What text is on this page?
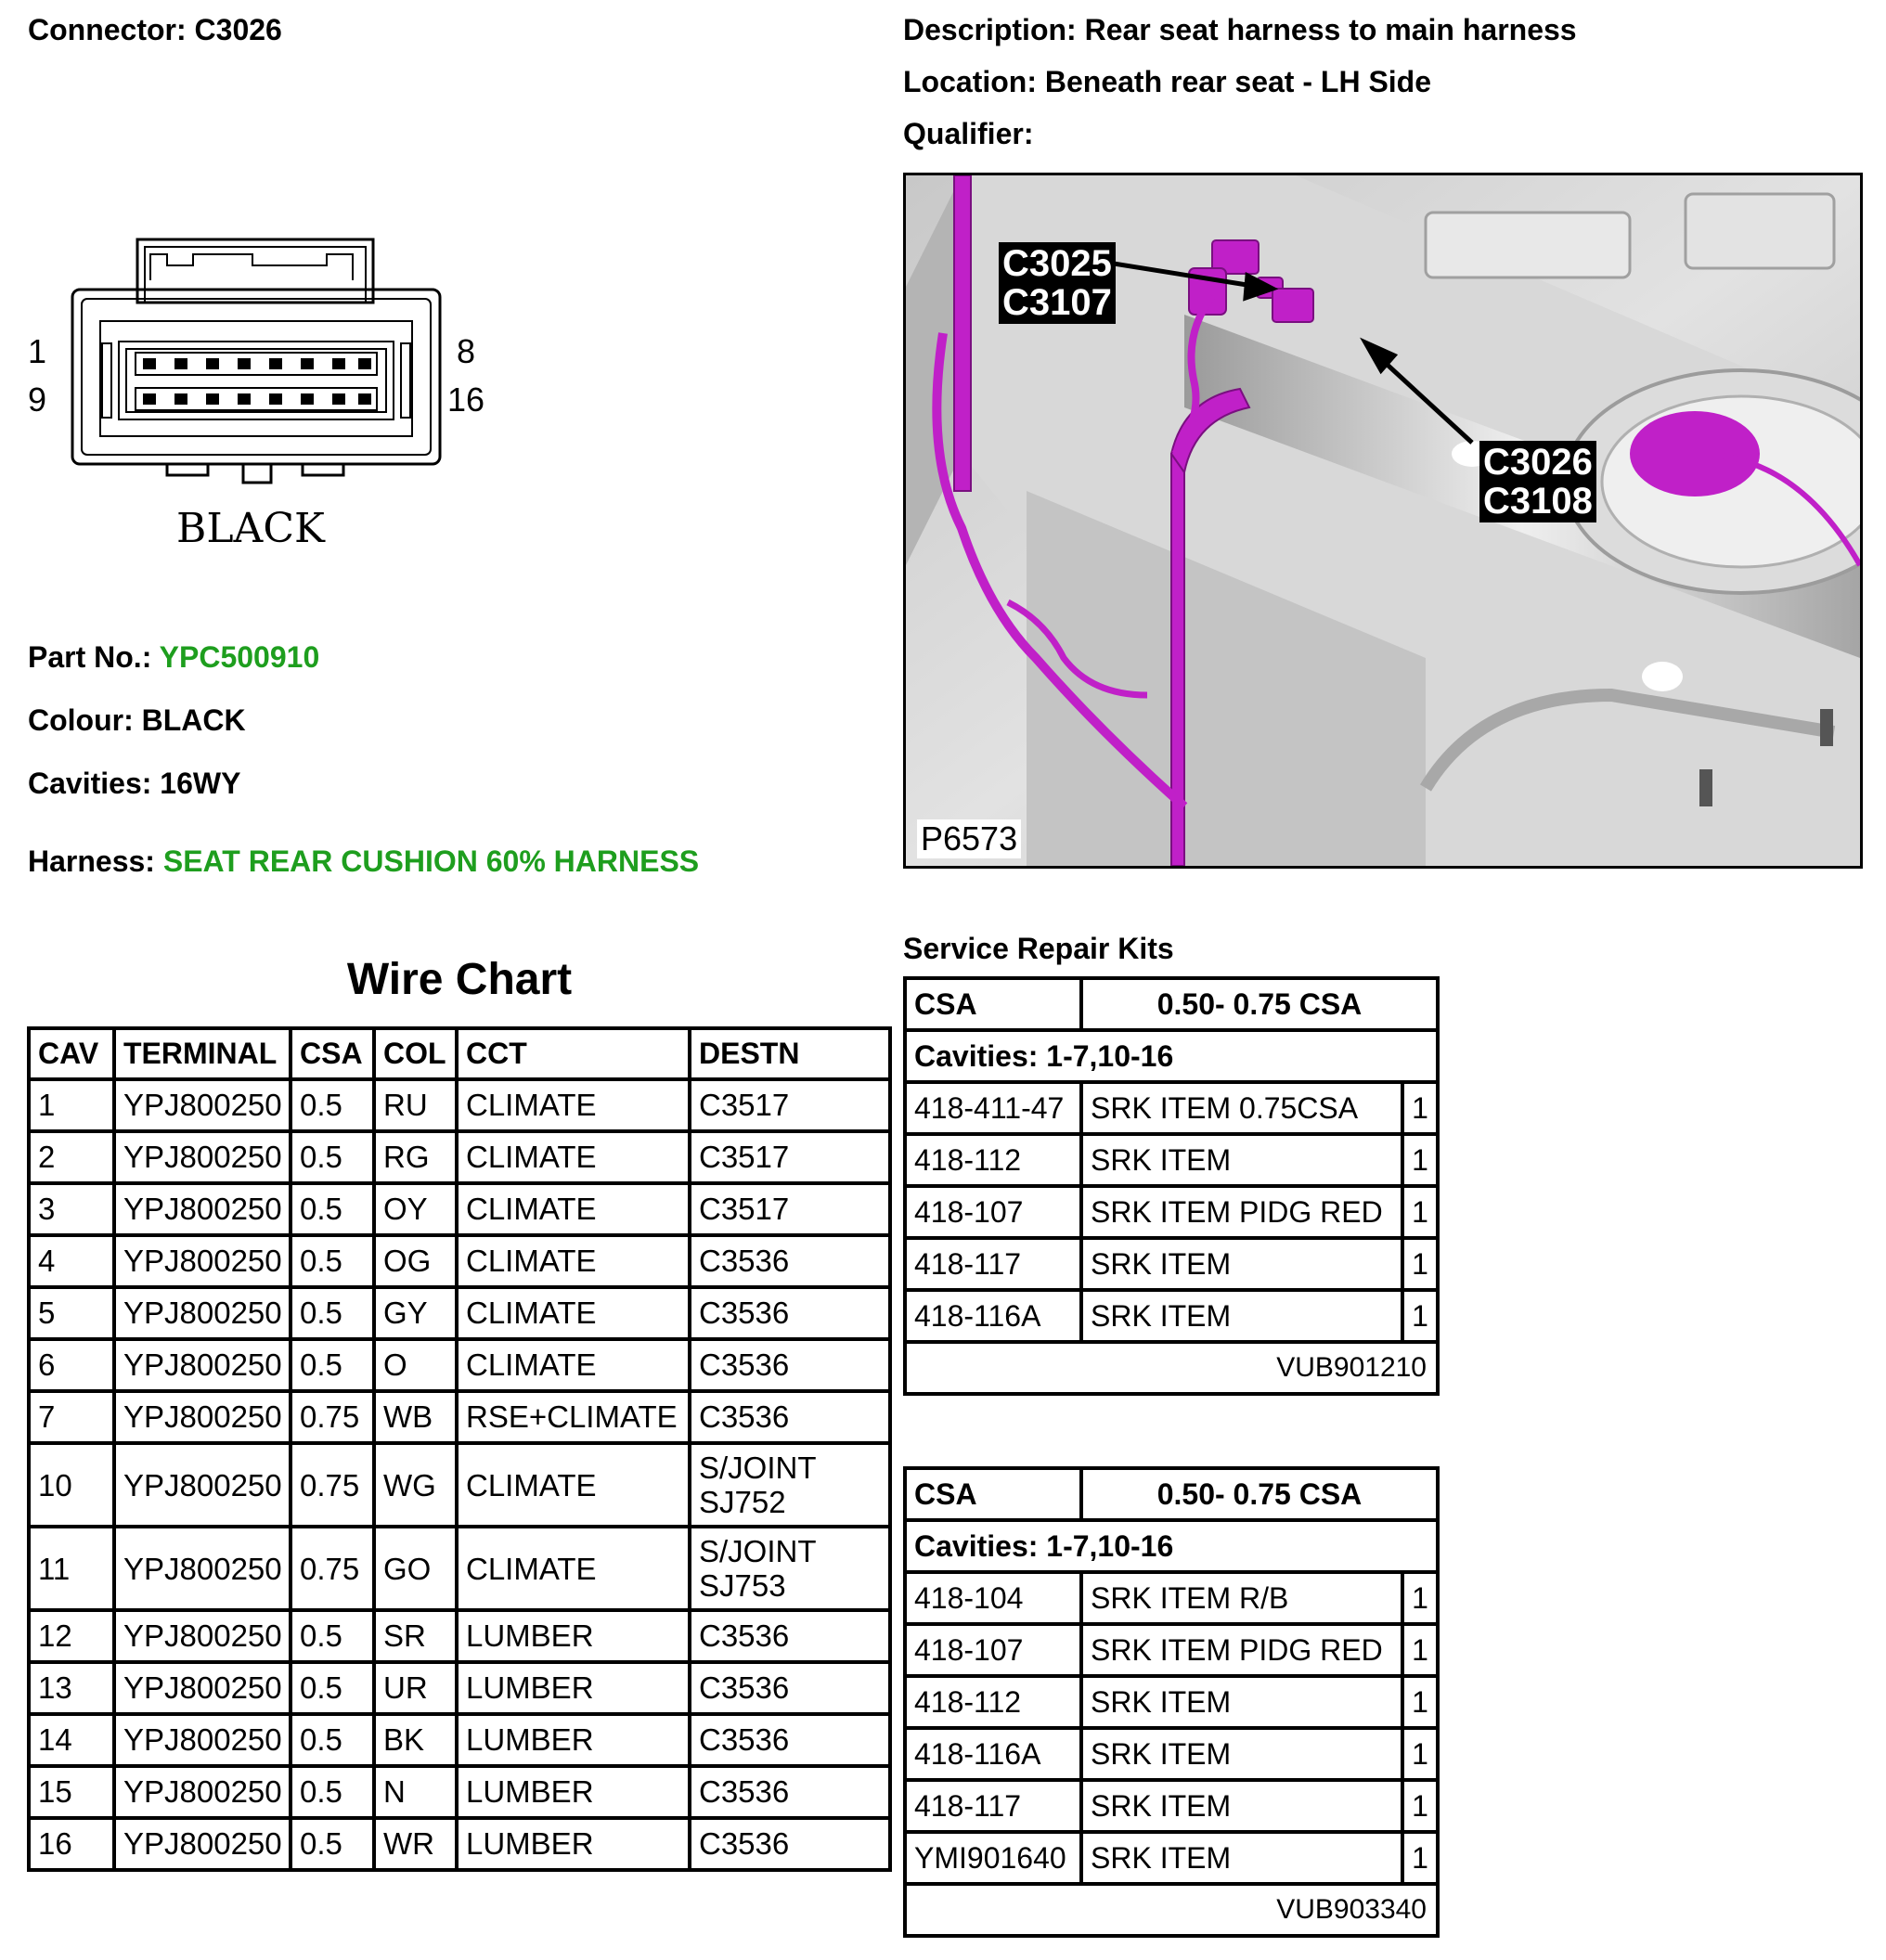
Connector: C3026	Description: Rear seat harness to main harness
Location: Beneath rear seat - LH Side
Qualifier:
1
9
8
16
BLACK
Part No.: YPC500910
Colour: BLACK
Cavities: 16WY
Harness: SEAT REAR CUSHION 60% HARNESS
C3025
C3107
C3026
C3108
P6573
Wire Chart
CAV	TERMINAL	CSA	COL	CCT	DESTN
1	YPJ800250	0.5	RU	CLIMATE	C3517
2	YPJ800250	0.5	RG	CLIMATE	C3517
3	YPJ800250	0.5	OY	CLIMATE	C3517
4	YPJ800250	0.5	OG	CLIMATE	C3536
5	YPJ800250	0.5	GY	CLIMATE	C3536
6	YPJ800250	0.5	O	CLIMATE	C3536
7	YPJ800250	0.75	WB	RSE+CLIMATE	C3536
10	YPJ800250	0.75	WG	CLIMATE	S/JOINT SJ752
11	YPJ800250	0.75	GO	CLIMATE	S/JOINT SJ753
12	YPJ800250	0.5	SR	LUMBER	C3536
13	YPJ800250	0.5	UR	LUMBER	C3536
14	YPJ800250	0.5	BK	LUMBER	C3536
15	YPJ800250	0.5	N	LUMBER	C3536
16	YPJ800250	0.5	WR	LUMBER	C3536
Service Repair Kits
CSA	0.50- 0.75 CSA	
Cavities: 1-7,10-16		
418-411-47	SRK ITEM 0.75CSA	1
418-112	SRK ITEM	1
418-107	SRK ITEM PIDG RED	1
418-117	SRK ITEM	1
418-116A	SRK ITEM	1
VUB901210		
CSA	0.50- 0.75 CSA	
Cavities: 1-7,10-16		
418-104	SRK ITEM R/B	1
418-107	SRK ITEM PIDG RED	1
418-112	SRK ITEM	1
418-116A	SRK ITEM	1
418-117	SRK ITEM	1
YMI901640	SRK ITEM	1
VUB903340		
